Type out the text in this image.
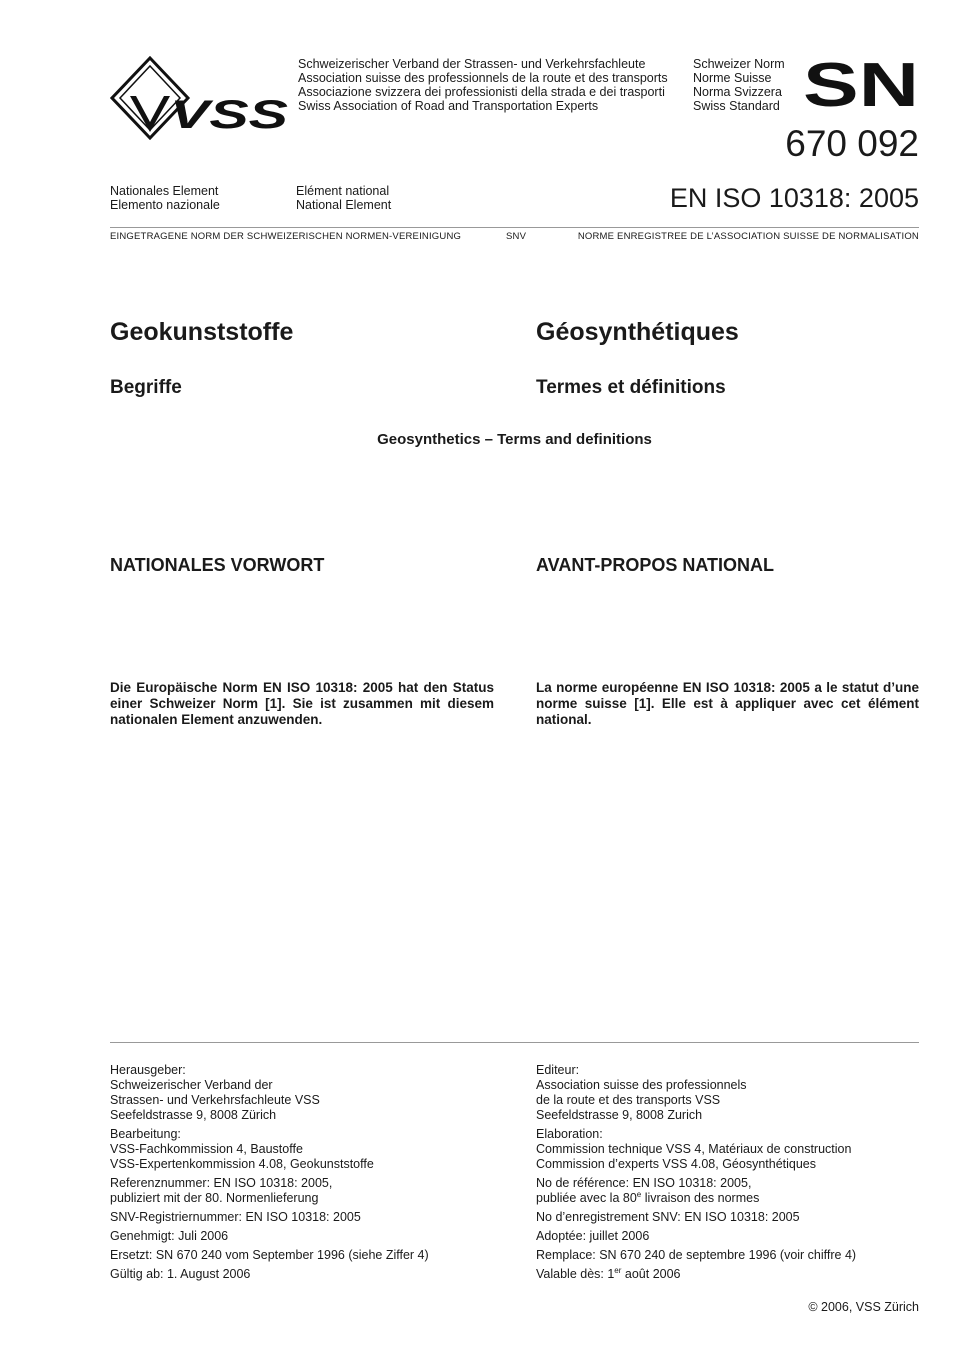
VSS
Schweizerischer Verband der Strassen- und Verkehrsfachleute
Association suisse des professionnels de la route et des transports
Associazione svizzera dei professionisti della strada e dei trasporti
Swiss Association of Road and Transportation Experts
Schweizer Norm
Norme Suisse
Norma Svizzera
Swiss Standard SN
670 092
EN ISO 10318: 2005
Nationales Element
Elemento nazionale
Elément national
National Element
EINGETRAGENE NORM DER SCHWEIZERISCHEN NORMEN-VEREINIGUNG	SNV	NORME ENREGISTREE DE L’ASSOCIATION SUISSE DE NORMALISATION
Geokunststoffe
Begriffe
Géosynthétiques
Termes et définitions
Geosynthetics – Terms and definitions
NATIONALES VORWORT	AVANT-PROPOS NATIONAL
Die Europäische Norm EN ISO 10318: 2005 hat den Status einer Schweizer Norm [1]. Sie ist zusammen mit diesem nationalen Element anzuwenden.
La norme européenne EN ISO 10318: 2005 a le statut d’une norme suisse [1]. Elle est à appliquer avec cet élément national.
Herausgeber:
Schweizerischer Verband der
Strassen- und Verkehrsfachleute VSS
Seefeldstrasse 9, 8008 Zürich
Bearbeitung:
VSS-Fachkommission 4, Baustoffe
VSS-Expertenkommission 4.08, Geokunststoffe
Referenznummer: EN ISO 10318: 2005,
publiziert mit der 80. Normenlieferung
SNV-Registriernummer: EN ISO 10318: 2005
Genehmigt: Juli 2006
Ersetzt: SN 670 240 vom September 1996 (siehe Ziffer 4)
Gültig ab: 1. August 2006
Editeur:
Association suisse des professionnels
de la route et des transports VSS
Seefeldstrasse 9, 8008 Zurich
Elaboration:
Commission technique VSS 4, Matériaux de construction
Commission d’experts VSS 4.08, Géosynthétiques
No de référence: EN ISO 10318: 2005,
publiée avec la 80e livraison des normes
No d’enregistrement SNV: EN ISO 10318: 2005
Adoptée: juillet 2006
Remplace: SN 670 240 de septembre 1996 (voir chiffre 4)
Valable dès: 1er août 2006
© 2006, VSS Zürich
